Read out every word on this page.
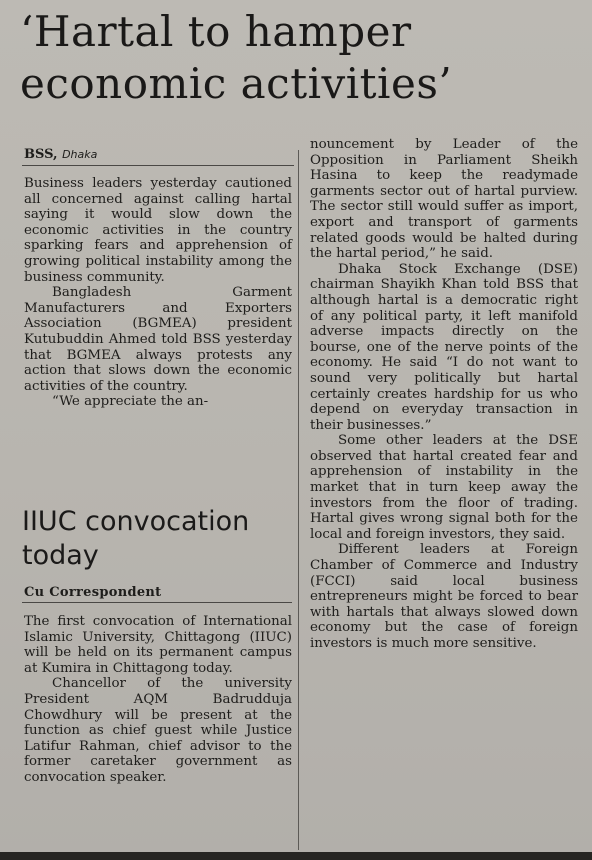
‘Hartal to hamper
economic activities’
BSS, Dhaka

Business leaders yesterday cautioned all concerned against calling hartal saying it would slow down the economic activities in the country sparking fears and apprehension of growing political instability among the business community.

Bangladesh Garment Manufacturers and Exporters Association (BGMEA) president Kutubuddin Ahmed told BSS yesterday that BGMEA always protests any action that slows down the economic activities of the country.

“We appreciate the an-

IIUC convocation
today
Cu Correspondent

The first convocation of International Islamic University, Chittagong (IIUC) will be held on its permanent campus at Kumira in Chittagong today.

Chancellor of the university President AQM Badrudduja Chowdhury will be present at the function as chief guest while Justice Latifur Rahman, chief advisor to the former caretaker government as convocation speaker.

nouncement by Leader of the Opposition in Parliament Sheikh Hasina to keep the readymade garments sector out of hartal purview. The sector still would suffer as import, export and transport of garments related goods would be halted during the hartal period,” he said.

Dhaka Stock Exchange (DSE) chairman Shayikh Khan told BSS that although hartal is a democratic right of any political party, it left manifold adverse impacts directly on the bourse, one of the nerve points of the economy. He said “I do not want to sound very politically but hartal certainly creates hardship for us who depend on everyday transaction in their businesses.”

Some other leaders at the DSE observed that hartal created fear and apprehension of instability in the market that in turn keep away the investors from the floor of trading. Hartal gives wrong signal both for the local and foreign investors, they said.

Different leaders at Foreign Chamber of Commerce and Industry (FCCI) said local business entrepreneurs might be forced to bear with hartals that always slowed down economy but the case of foreign investors is much more sensitive.
